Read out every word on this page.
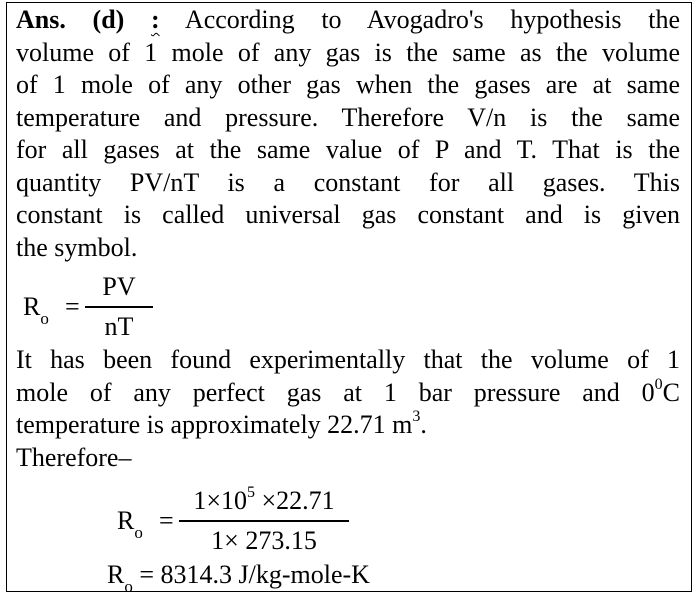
Ans. (d) : According to Avogadro's hypothesis the
volume of 1 mole of any gas is the same as the volume
of 1 mole of any other gas when the gases are at same
temperature and pressure. Therefore V/n is the same
for all gases at the same value of P and T. That is the
quantity PV/nT is a constant for all gases. This
constant is called universal gas constant and is given
the symbol.
$R_o$ =
PV
nT
It has been found experimentally that the volume of 1
mole of any perfect gas at 1 bar pressure and $0^0C$
temperature is approximately 22.71 $m^3$.
Therefore–
$R_o$ =
$1\times 10^5 \times 22.71$
1× 273.15
$R_o = 8314.3$ J/kg-mole-K
